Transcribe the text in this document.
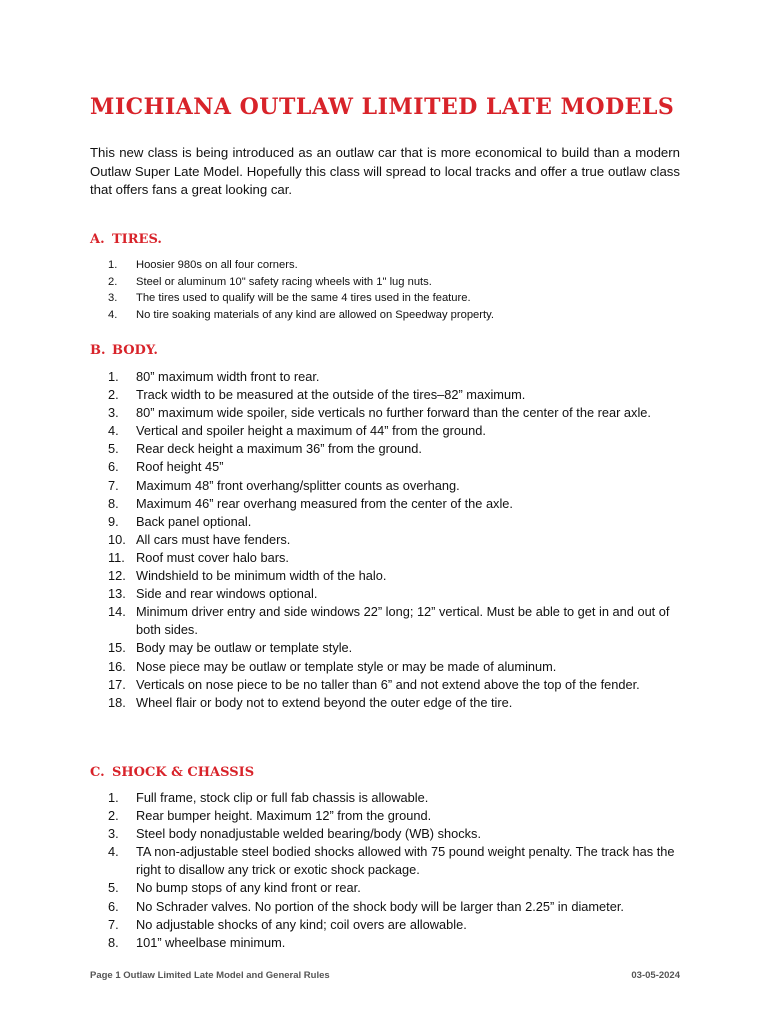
MICHIANA OUTLAW LIMITED LATE MODELS

This new class is being introduced as an outlaw car that is more economical to build than a modern Outlaw Super Late Model. Hopefully this class will spread to local tracks and offer a true outlaw class that offers fans a great looking car.

A. TIRES.
1.	Hoosier 980s on all four corners.
2.	Steel or aluminum 10" safety racing wheels with 1" lug nuts.
3.	The tires used to qualify will be the same 4 tires used in the feature.
4.	No tire soaking materials of any kind are allowed on Speedway property.
B. BODY.
1.	80” maximum width front to rear.
2.	Track width to be measured at the outside of the tires–82” maximum.
3.	80” maximum wide spoiler, side verticals no further forward than the center of the rear axle.
4.	Vertical and spoiler height a maximum of 44” from the ground.
5.	Rear deck height a maximum 36” from the ground.
6.	Roof height 45”
7.	Maximum 48” front overhang/splitter counts as overhang.
8.	Maximum 46” rear overhang measured from the center of the axle.
9.	Back panel optional.
10. All cars must have fenders.
11. Roof must cover halo bars.
12. Windshield to be minimum width of the halo.
13. Side and rear windows optional.
14. Minimum driver entry and side windows 22” long; 12” vertical. Must be able to get in and out of both sides.
15. Body may be outlaw or template style.
16. Nose piece may be outlaw or template style or may be made of aluminum.
17. Verticals on nose piece to be no taller than 6” and not extend above the top of the fender.
18. Wheel flair or body not to extend beyond the outer edge of the tire.
C. SHOCK & CHASSIS
1.	Full frame, stock clip or full fab chassis is allowable.
2.	Rear bumper height. Maximum 12” from the ground.
3.	Steel body nonadjustable welded bearing/body (WB) shocks.
4.	TA non-adjustable steel bodied shocks allowed with 75 pound weight penalty. The track has the right to disallow any trick or exotic shock package.
5.	No bump stops of any kind front or rear.
6.	No Schrader valves. No portion of the shock body will be larger than 2.25” in diameter.
7.	No adjustable shocks of any kind; coil overs are allowable.
8.	101” wheelbase minimum.
Page 1 Outlaw Limited Late Model and General Rules	03-05-2024
